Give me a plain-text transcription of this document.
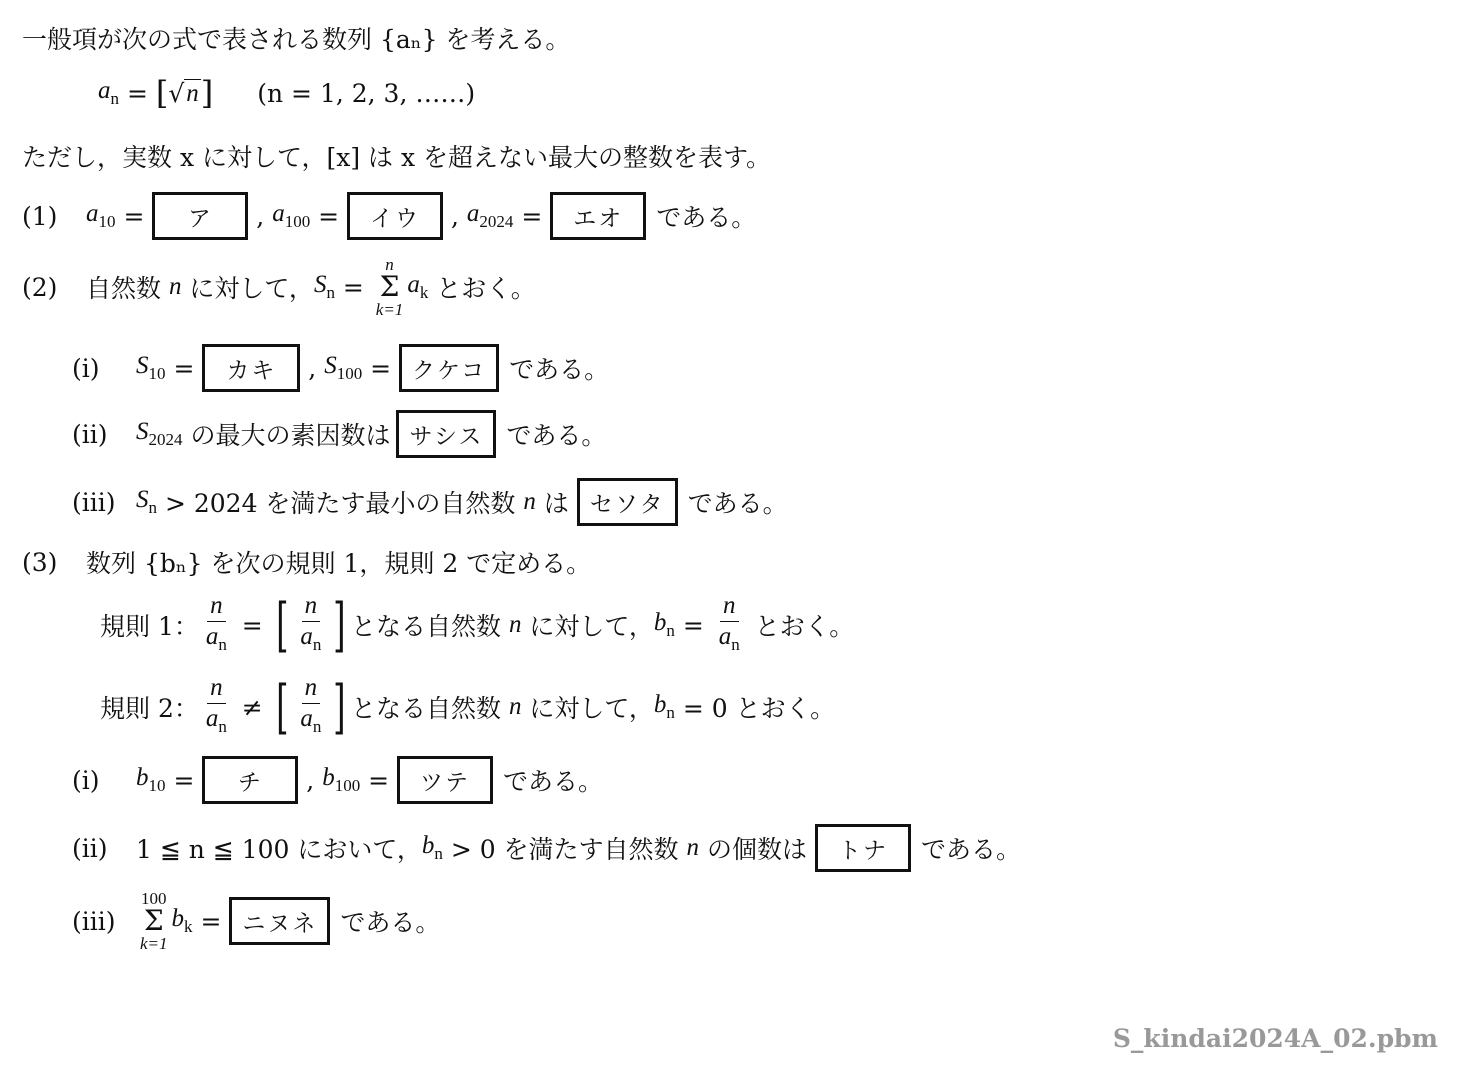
一般項が次の式で表される数列 {aₙ} を考える。
$a_n$ = [ √ n ] (n = 1, 2, 3, ……)
ただし，実数 x に対して，[x] は x を超えない最大の整数を表す。
(1)	$a_{10}$ =	ア	, $a_{100}$ =	イウ , $a_{2024}$ =	エオ	である。
(2)	自然数
n
に対して， $S_n$ =
n
Σ
k=1
$a_k$
とおく。
(i)	$S_{10}$ =	カキ , $S_{100}$ = クケコ である。
(ii)	$S_{2024}$
の最大の素因数は サシス である。
(iii) $S_n$
> 2024 を満たす最小の自然数
n
は セソタ である。
(3)	数列 {bₙ} を次の規則 1，規則 2 で定める。
規則 1： $\frac{n}{a_n}$ = [ $\frac{n}{a_n}$ ] となる自然数
n
に対して， $b_n = \frac{n}{a_n}$
とおく。
規則 2： $\frac{n}{a_n}$ ≠ [ $\frac{n}{a_n}$ ] となる自然数
n
に対して， $b_n$
= 0 とおく。
(i)	$b_{10}$ =	チ	, $b_{100}$ =	ツテ	である。
(ii)	1 ≦ n ≦ 100 において， $b_n$
> 0 を満たす自然数
n
の個数は	トナ	である。
(iii)
100
Σ
k=1
$b_k$ = ニヌネ である。
S_kindai2024A_02.pbm
